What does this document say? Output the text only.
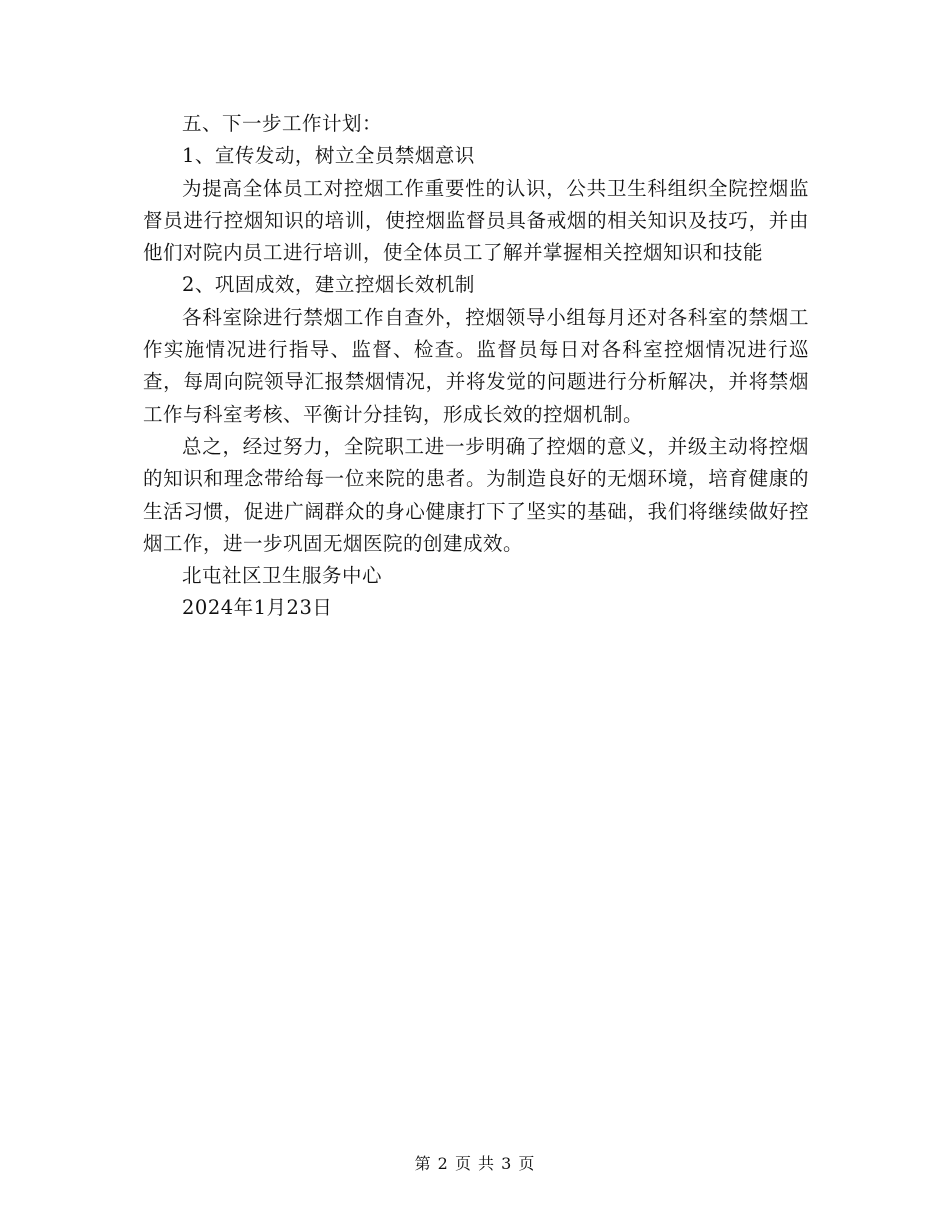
五、下一步工作计划：

1、宣传发动，树立全员禁烟意识

为提高全体员工对控烟工作重要性的认识，公共卫生科组织全院控烟监督员进行控烟知识的培训，使控烟监督员具备戒烟的相关知识及技巧，并由他们对院内员工进行培训，使全体员工了解并掌握相关控烟知识和技能

2、巩固成效，建立控烟长效机制

各科室除进行禁烟工作自查外，控烟领导小组每月还对各科室的禁烟工作实施情况进行指导、监督、检查。监督员每日对各科室控烟情况进行巡查，每周向院领导汇报禁烟情况，并将发觉的问题进行分析解决，并将禁烟工作与科室考核、平衡计分挂钩，形成长效的控烟机制。

总之，经过努力，全院职工进一步明确了控烟的意义，并级主动将控烟的知识和理念带给每一位来院的患者。为制造良好的无烟环境，培育健康的生活习惯，促进广阔群众的身心健康打下了坚实的基础，我们将继续做好控烟工作，进一步巩固无烟医院的创建成效。

北屯社区卫生服务中心

2024年1月23日

第 2 页 共 3 页
